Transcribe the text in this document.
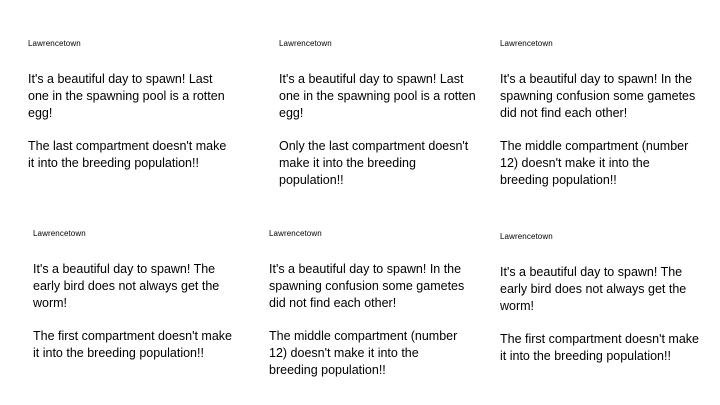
Lawrencetown

It's a beautiful day to spawn! Last one in the spawning pool is a rotten egg!

The last compartment doesn't make it into the breeding population!!

Lawrencetown

It's a beautiful day to spawn! Last one in the spawning pool is a rotten egg!

Only the last compartment doesn't make it into the breeding population!!

Lawrencetown

It's a beautiful day to spawn! In the spawning confusion some gametes did not find each other!

The middle compartment (number 12) doesn't make it into the breeding population!!

Lawrencetown

It's a beautiful day to spawn! The early bird does not always get the worm!

The first compartment doesn't make it into the breeding population!!

Lawrencetown

It's a beautiful day to spawn! In the spawning confusion some gametes did not find each other!

The middle compartment (number 12) doesn't make it into the breeding population!!

Lawrencetown

It's a beautiful day to spawn! The early bird does not always get the worm!

The first compartment doesn't make it into the breeding population!!
